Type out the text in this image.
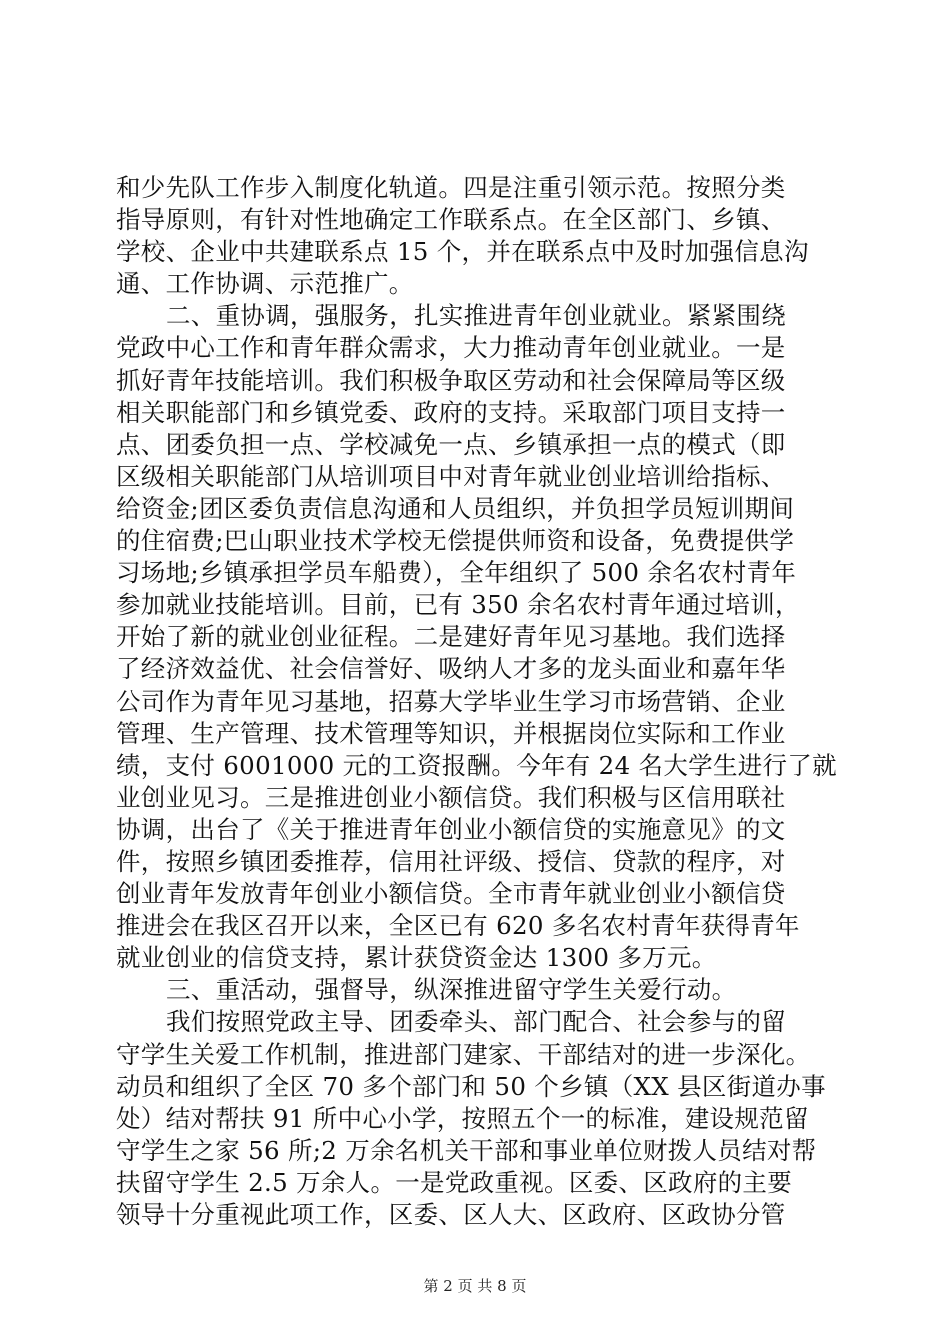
和少先队工作步入制度化轨道。四是注重引领示范。按照分类
指导原则，有针对性地确定工作联系点。在全区部门、乡镇、
学校、企业中共建联系点 15 个，并在联系点中及时加强信息沟
通、工作协调、示范推广。
二、重协调，强服务，扎实推进青年创业就业。紧紧围绕
党政中心工作和青年群众需求，大力推动青年创业就业。一是
抓好青年技能培训。我们积极争取区劳动和社会保障局等区级
相关职能部门和乡镇党委、政府的支持。采取部门项目支持一
点、团委负担一点、学校减免一点、乡镇承担一点的模式（即
区级相关职能部门从培训项目中对青年就业创业培训给指标、
给资金;团区委负责信息沟通和人员组织，并负担学员短训期间
的住宿费;巴山职业技术学校无偿提供师资和设备，免费提供学
习场地;乡镇承担学员车船费），全年组织了 500 余名农村青年
参加就业技能培训。目前，已有 350 余名农村青年通过培训，
开始了新的就业创业征程。二是建好青年见习基地。我们选择
了经济效益优、社会信誉好、吸纳人才多的龙头面业和嘉年华
公司作为青年见习基地，招募大学毕业生学习市场营销、企业
管理、生产管理、技术管理等知识，并根据岗位实际和工作业
绩，支付 6001000 元的工资报酬。今年有 24 名大学生进行了就
业创业见习。三是推进创业小额信贷。我们积极与区信用联社
协调，出台了《关于推进青年创业小额信贷的实施意见》的文
件，按照乡镇团委推荐，信用社评级、授信、贷款的程序，对
创业青年发放青年创业小额信贷。全市青年就业创业小额信贷
推进会在我区召开以来，全区已有 620 多名农村青年获得青年
就业创业的信贷支持，累计获贷资金达 1300 多万元。
三、重活动，强督导，纵深推进留守学生关爱行动。
我们按照党政主导、团委牵头、部门配合、社会参与的留
守学生关爱工作机制，推进部门建家、干部结对的进一步深化。
动员和组织了全区 70 多个部门和 50 个乡镇（XX 县区街道办事
处）结对帮扶 91 所中心小学，按照五个一的标准，建设规范留
守学生之家 56 所;2 万余名机关干部和事业单位财拨人员结对帮
扶留守学生 2.5 万余人。一是党政重视。区委、区政府的主要
领导十分重视此项工作，区委、区人大、区政府、区政协分管
第 2 页 共 8 页
